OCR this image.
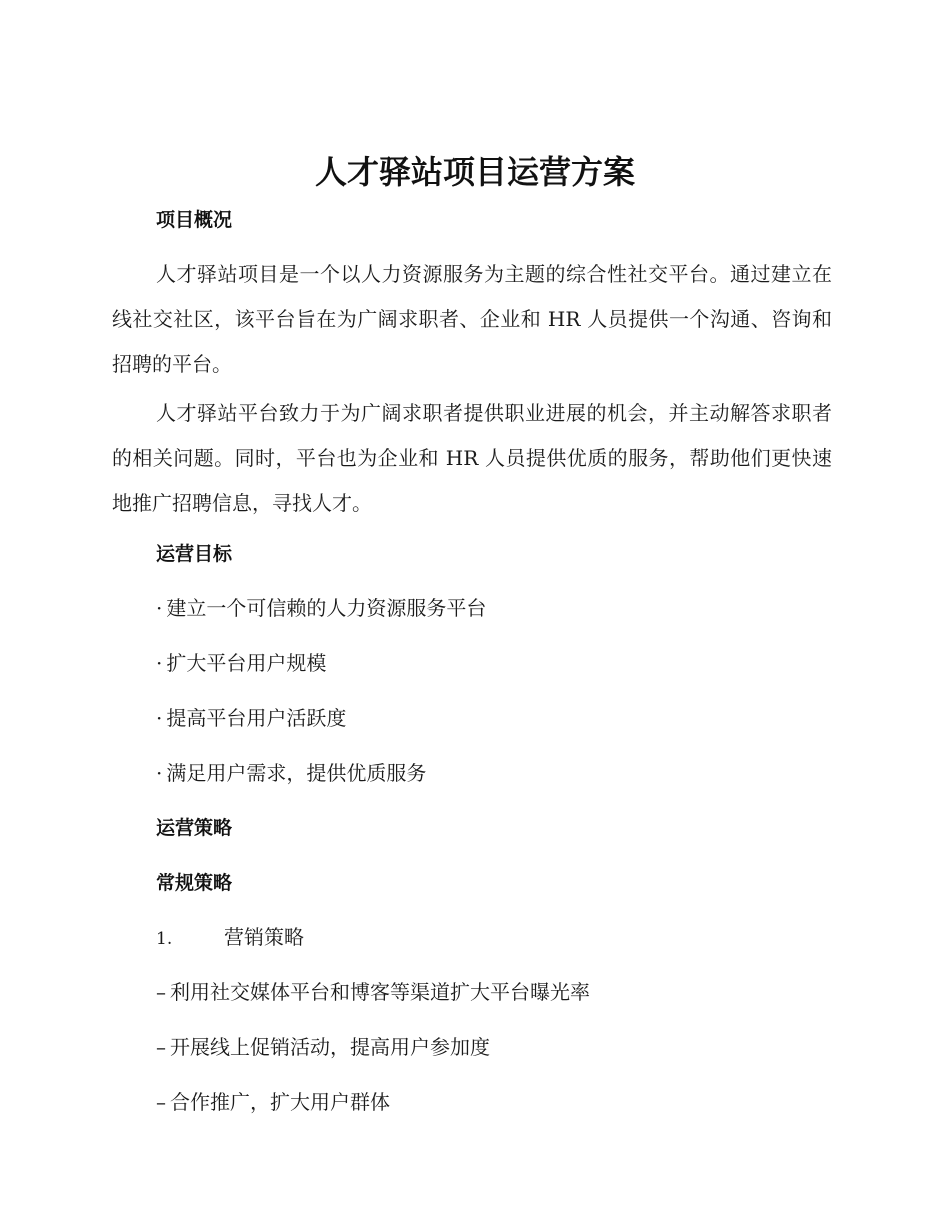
人才驿站项目运营方案
项目概况

人才驿站项目是一个以人力资源服务为主题的综合性社交平台。通过建立在线社交社区，该平台旨在为广阔求职者、企业和 HR 人员提供一个沟通、咨询和招聘的平台。

人才驿站平台致力于为广阔求职者提供职业进展的机会，并主动解答求职者的相关问题。同时，平台也为企业和 HR 人员提供优质的服务，帮助他们更快速地推广招聘信息，寻找人才。

运营目标
· 建立一个可信赖的人力资源服务平台
· 扩大平台用户规模
· 提高平台用户活跃度
· 满足用户需求，提供优质服务
运营策略
常规策略
1.	营销策略
– 利用社交媒体平台和博客等渠道扩大平台曝光率
– 开展线上促销活动，提高用户参加度
– 合作推广，扩大用户群体
